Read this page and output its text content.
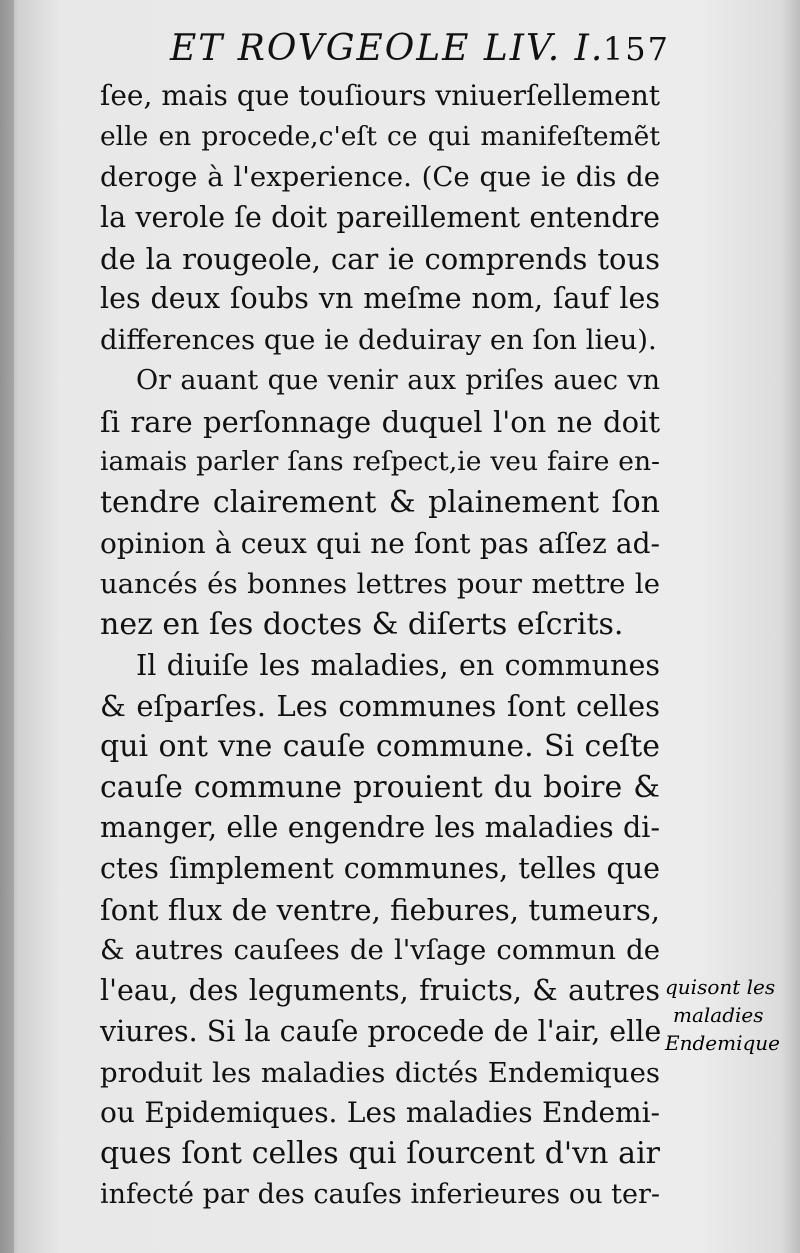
ET ROVGEOLE LIV. I.
157
ſee, mais que touſiours vniuerſellement
elle en procede,c'eſt ce qui manifeſtemẽt
deroge à l'experience. (Ce que ie dis de
la verole ſe doit pareillement entendre
de la rougeole, car ie comprends tous
les deux ſoubs vn meſme nom, ſauf les
differences que ie deduiray en ſon lieu).
Or auant que venir aux priſes auec vn
ſi rare perſonnage duquel l'on ne doit
iamais parler ſans reſpect,ie veu faire en-
tendre clairement & plainement ſon
opinion à ceux qui ne ſont pas aſſez ad-
uancés és bonnes lettres pour mettre le
nez en ſes doctes & diſerts eſcrits.
Il diuiſe les maladies, en communes
& eſparſes. Les communes ſont celles
qui ont vne cauſe commune. Si ceſte
cauſe commune prouient du boire &
manger, elle engendre les maladies di-
ctes ſimplement communes, telles que
ſont flux de ventre, fiebures, tumeurs,
& autres cauſees de l'vſage commun de
l'eau, des leguments, fruicts, & autres
viures. Si la cauſe procede de l'air, elle
produit les maladies dictés Endemiques
ou Epidemiques. Les maladies Endemi-
ques ſont celles qui ſourcent d'vn air
infecté par des cauſes inferieures ou ter-
quisont les
maladies
Endemique
